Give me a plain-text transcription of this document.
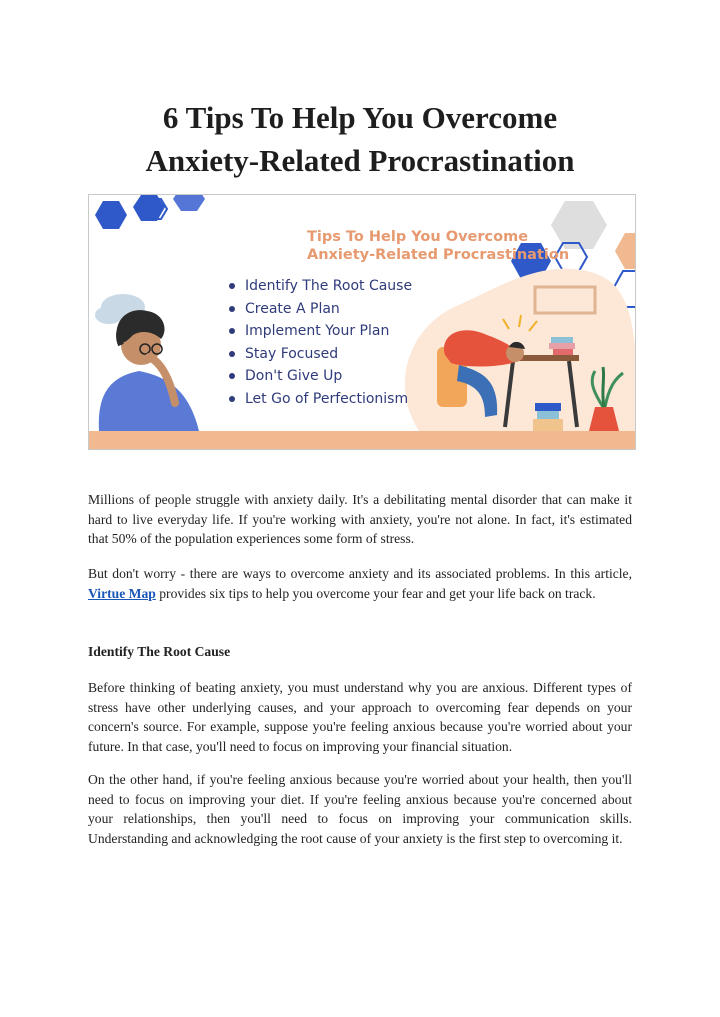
6 Tips To Help You Overcome
Anxiety-Related Procrastination

Tips To Help You Overcome
Anxiety-Related Procrastination

Identify The Root Cause
Create A Plan
Implement Your Plan
Stay Focused
Don't Give Up
Let Go of Perfectionism

Millions of people struggle with anxiety daily. It's a debilitating mental disorder that can make it hard to live everyday life. If you're working with anxiety, you're not alone. In fact, it's estimated that 50% of the population experiences some form of stress.

But don't worry - there are ways to overcome anxiety and its associated problems. In this article, Virtue Map provides six tips to help you overcome your fear and get your life back on track.

Identify The Root Cause

Before thinking of beating anxiety, you must understand why you are anxious. Different types of stress have other underlying causes, and your approach to overcoming fear depends on your concern's source. For example, suppose you're feeling anxious because you're worried about your future. In that case, you'll need to focus on improving your financial situation.

On the other hand, if you're feeling anxious because you're worried about your health, then you'll need to focus on improving your diet. If you're feeling anxious because you're concerned about your relationships, then you'll need to focus on improving your communication skills. Understanding and acknowledging the root cause of your anxiety is the first step to overcoming it.
